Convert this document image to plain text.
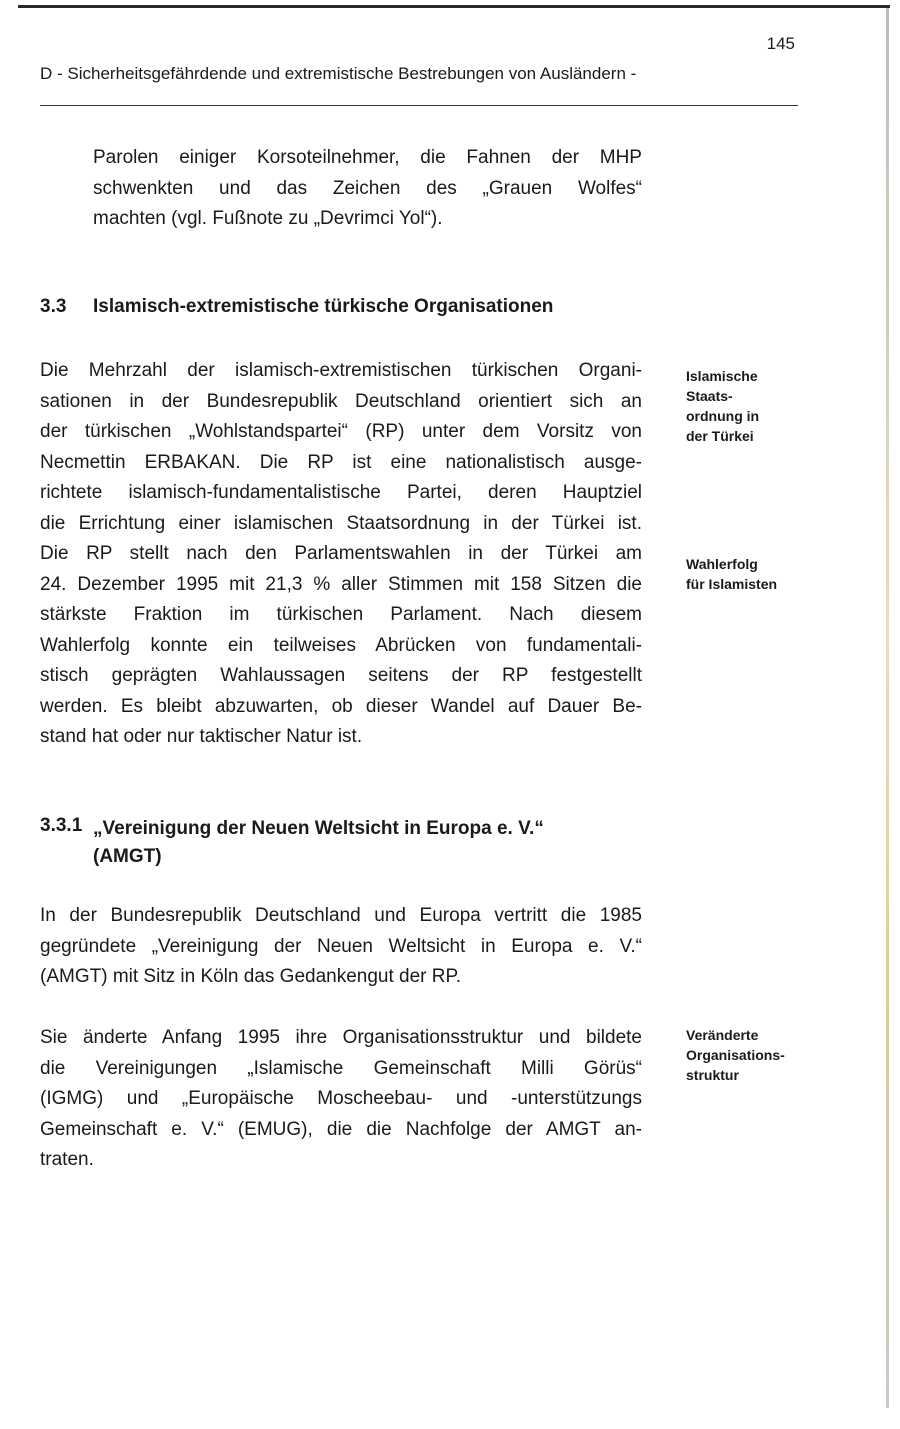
145
D - Sicherheitsgefährdende und extremistische Bestrebungen von Ausländern -
Parolen einiger Korsoteilnehmer, die Fahnen der MHP
schwenkten und das Zeichen des „Grauen Wolfes“
machten (vgl. Fußnote zu „Devrimci Yol“).
3.3 Islamisch-extremistische türkische Organisationen
Die Mehrzahl der islamisch-extremistischen türkischen Organi-
sationen in der Bundesrepublik Deutschland orientiert sich an
der türkischen „Wohlstandspartei“ (RP) unter dem Vorsitz von
Necmettin ERBAKAN. Die RP ist eine nationalistisch ausge-
richtete islamisch-fundamentalistische Partei, deren Hauptziel
die Errichtung einer islamischen Staatsordnung in der Türkei ist.
Die RP stellt nach den Parlamentswahlen in der Türkei am
24. Dezember 1995 mit 21,3 % aller Stimmen mit 158 Sitzen die
stärkste Fraktion im türkischen Parlament. Nach diesem
Wahlerfolg konnte ein teilweises Abrücken von fundamentali-
stisch geprägten Wahlaussagen seitens der RP festgestellt
werden. Es bleibt abzuwarten, ob dieser Wandel auf Dauer Be-
stand hat oder nur taktischer Natur ist.
Islamische
Staats-
ordnung in
der Türkei
Wahlerfolg
für Islamisten
3.3.1 „Vereinigung der Neuen Weltsicht in Europa e. V.“
(AMGT)
In der Bundesrepublik Deutschland und Europa vertritt die 1985
gegründete „Vereinigung der Neuen Weltsicht in Europa e. V.“
(AMGT) mit Sitz in Köln das Gedankengut der RP.
Sie änderte Anfang 1995 ihre Organisationsstruktur und bildete
die Vereinigungen „Islamische Gemeinschaft Milli Görüs“
(IGMG) und „Europäische Moscheebau- und -unterstützungs
Gemeinschaft e. V.“ (EMUG), die die Nachfolge der AMGT an-
traten.
Veränderte
Organisations-
struktur
